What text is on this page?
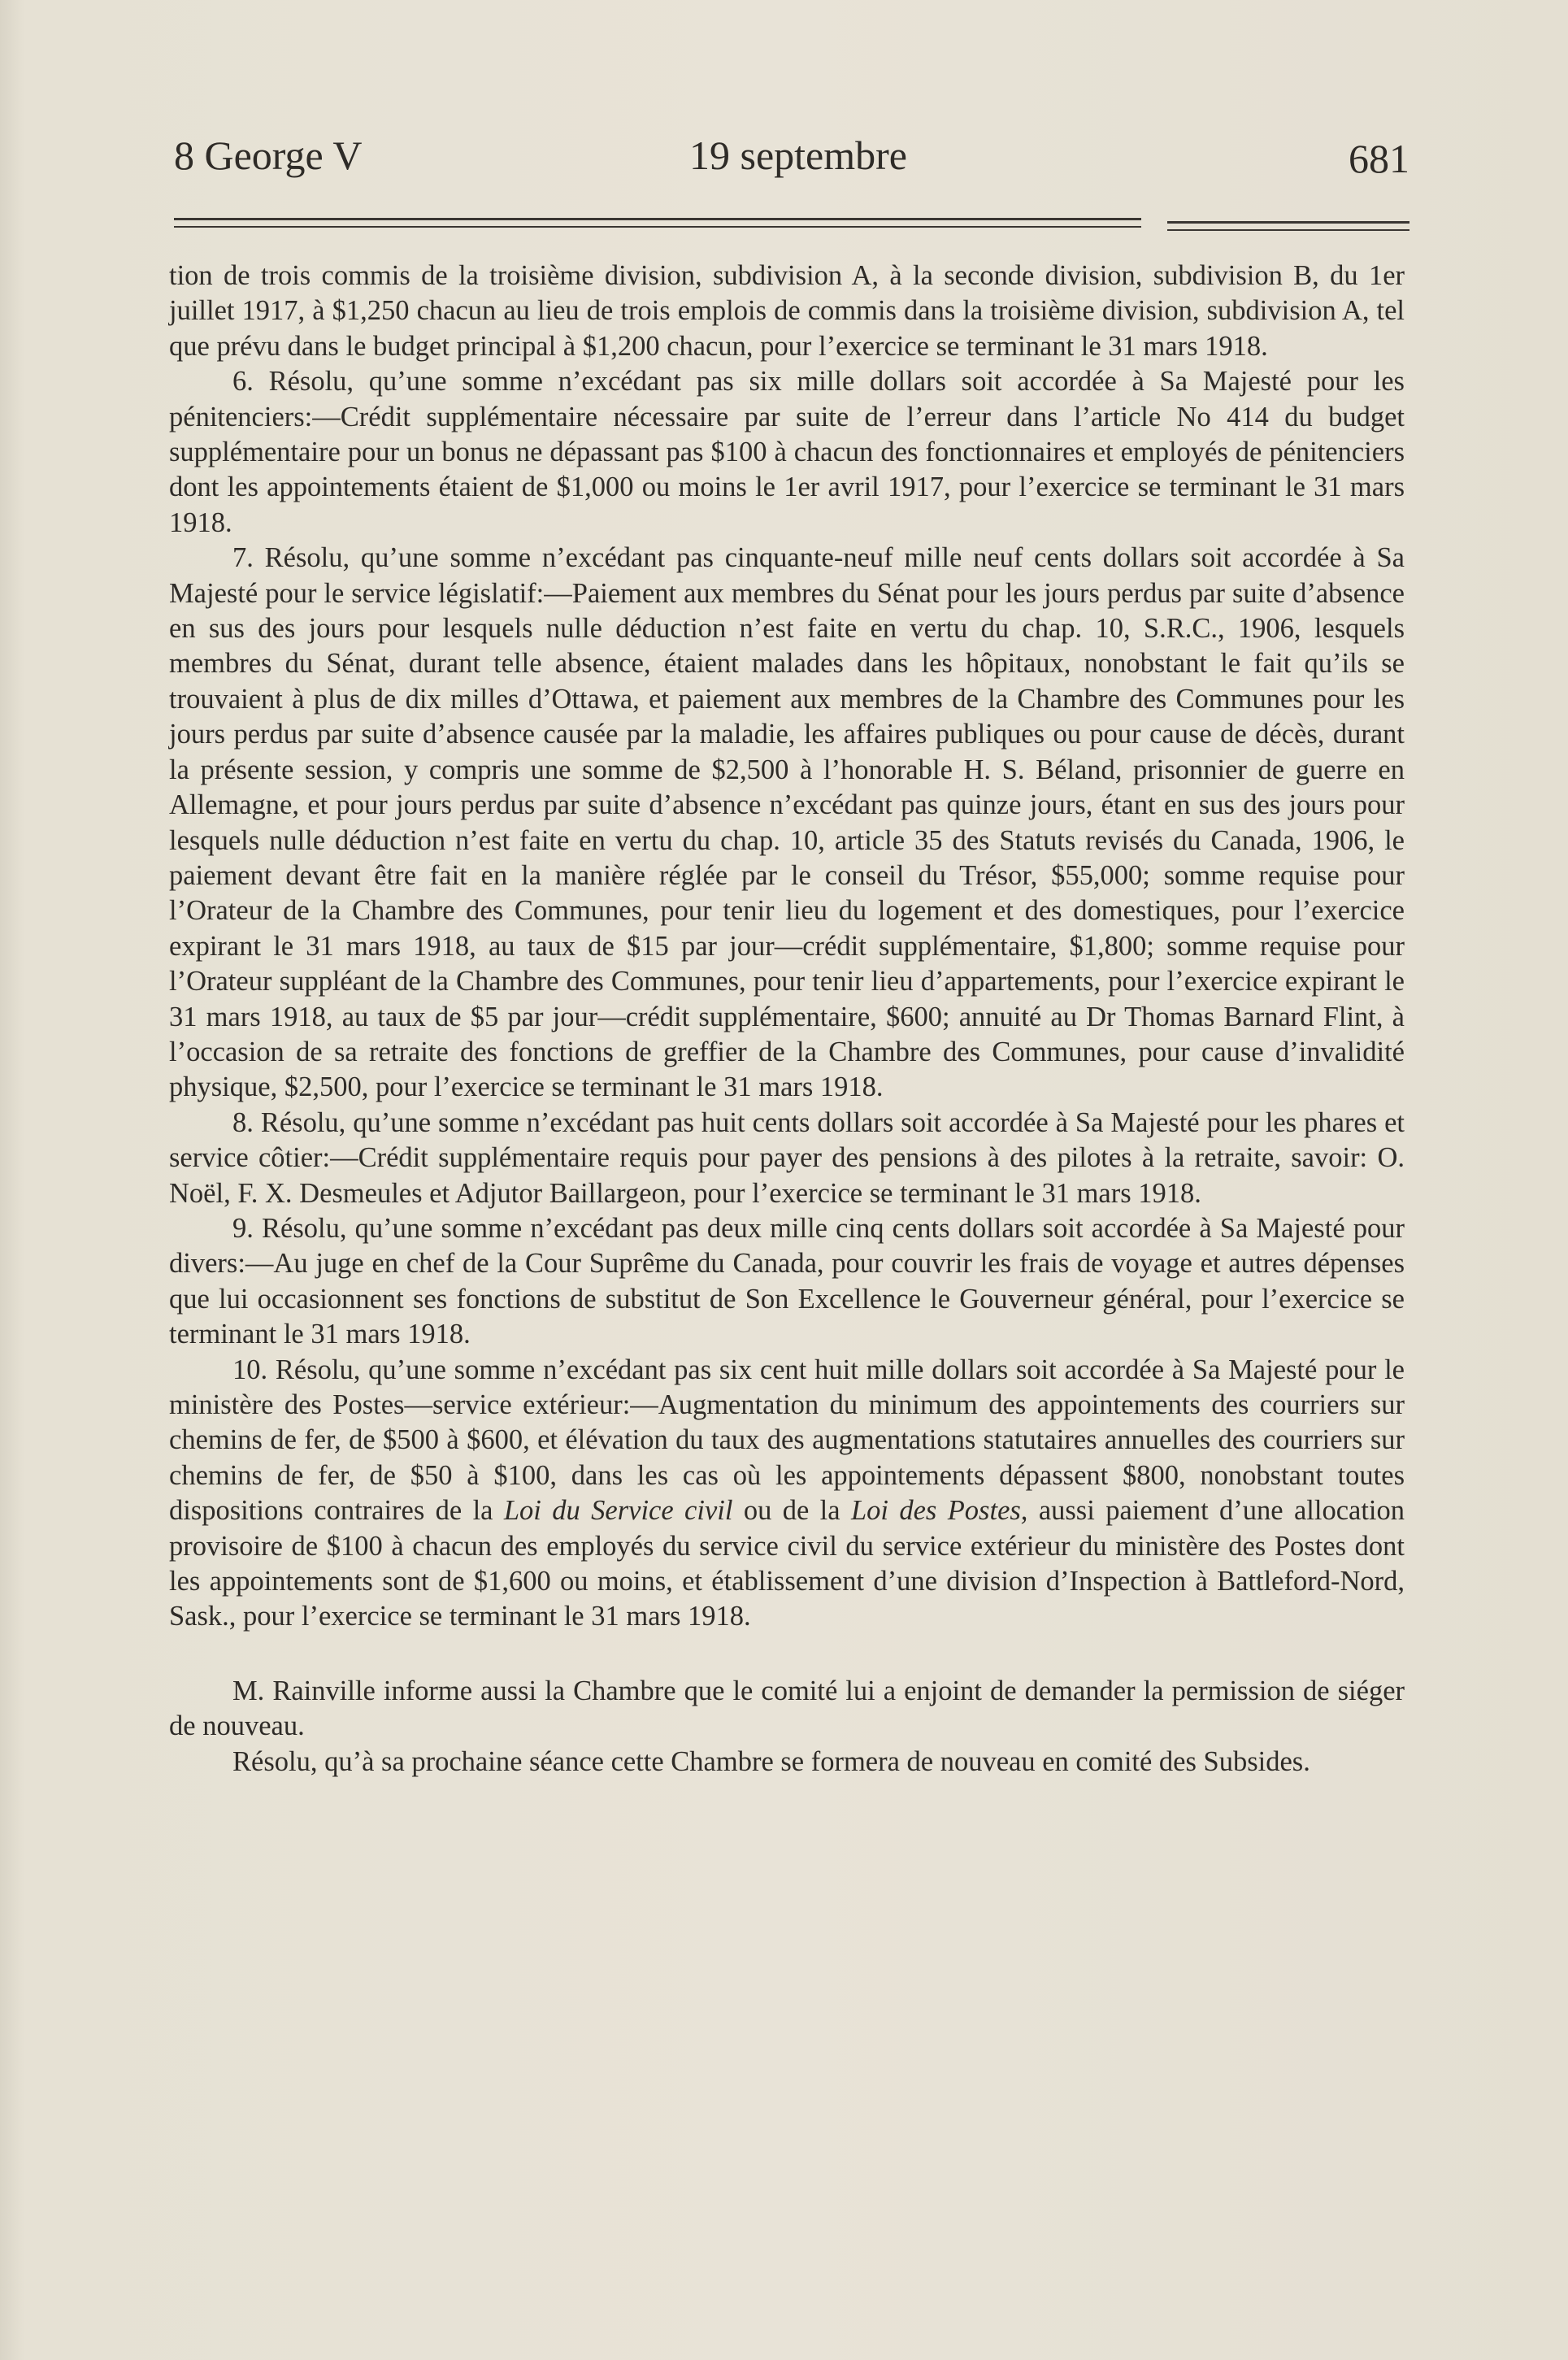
8 George V	19 septembre	681

tion de trois commis de la troisième division, subdivision A, à la seconde division, subdivision B, du 1er juillet 1917, à $1,250 chacun au lieu de trois emplois de commis dans la troisième division, subdivision A, tel que prévu dans le budget principal à $1,200 chacun, pour l’exercice se terminant le 31 mars 1918.

6. Résolu, qu’une somme n’excédant pas six mille dollars soit accordée à Sa Majesté pour les pénitenciers:—Crédit supplémentaire nécessaire par suite de l’erreur dans l’article No 414 du budget supplémentaire pour un bonus ne dépassant pas $100 à chacun des fonctionnaires et employés de pénitenciers dont les appointements étaient de $1,000 ou moins le 1er avril 1917, pour l’exercice se terminant le 31 mars 1918.

7. Résolu, qu’une somme n’excédant pas cinquante-neuf mille neuf cents dollars soit accordée à Sa Majesté pour le service législatif:—Paiement aux membres du Sénat pour les jours perdus par suite d’absence en sus des jours pour lesquels nulle déduction n’est faite en vertu du chap. 10, S.R.C., 1906, lesquels membres du Sénat, durant telle absence, étaient malades dans les hôpitaux, nonobstant le fait qu’ils se trouvaient à plus de dix milles d’Ottawa, et paiement aux membres de la Chambre des Communes pour les jours perdus par suite d’absence causée par la maladie, les affaires publiques ou pour cause de décès, durant la présente session, y compris une somme de $2,500 à l’honorable H. S. Béland, prisonnier de guerre en Allemagne, et pour jours perdus par suite d’absence n’excédant pas quinze jours, étant en sus des jours pour lesquels nulle déduction n’est faite en vertu du chap. 10, article 35 des Statuts revisés du Canada, 1906, le paiement devant être fait en la manière réglée par le conseil du Trésor, $55,000; somme requise pour l’Orateur de la Chambre des Communes, pour tenir lieu du logement et des domestiques, pour l’exercice expirant le 31 mars 1918, au taux de $15 par jour—crédit supplémentaire, $1,800; somme requise pour l’Orateur suppléant de la Chambre des Communes, pour tenir lieu d’appartements, pour l’exercice expirant le 31 mars 1918, au taux de $5 par jour—crédit supplémentaire, $600; annuité au Dr Thomas Barnard Flint, à l’occasion de sa retraite des fonctions de greffier de la Chambre des Communes, pour cause d’invalidité physique, $2,500, pour l’exercice se terminant le 31 mars 1918.

8. Résolu, qu’une somme n’excédant pas huit cents dollars soit accordée à Sa Majesté pour les phares et service côtier:—Crédit supplémentaire requis pour payer des pensions à des pilotes à la retraite, savoir: O. Noël, F. X. Desmeules et Adjutor Baillargeon, pour l’exercice se terminant le 31 mars 1918.

9. Résolu, qu’une somme n’excédant pas deux mille cinq cents dollars soit accordée à Sa Majesté pour divers:—Au juge en chef de la Cour Suprême du Canada, pour couvrir les frais de voyage et autres dépenses que lui occasionnent ses fonctions de substitut de Son Excellence le Gouverneur général, pour l’exercice se terminant le 31 mars 1918.

10. Résolu, qu’une somme n’excédant pas six cent huit mille dollars soit accordée à Sa Majesté pour le ministère des Postes—service extérieur:—Augmentation du minimum des appointements des courriers sur chemins de fer, de $500 à $600, et élévation du taux des augmentations statutaires annuelles des courriers sur chemins de fer, de $50 à $100, dans les cas où les appointements dépassent $800, nonobstant toutes dispositions contraires de la Loi du Service civil ou de la Loi des Postes, aussi paiement d’une allocation provisoire de $100 à chacun des employés du service civil du service extérieur du ministère des Postes dont les appointements sont de $1,600 ou moins, et établissement d’une division d’Inspection à Battleford-Nord, Sask., pour l’exercice se terminant le 31 mars 1918.

M. Rainville informe aussi la Chambre que le comité lui a enjoint de demander la permission de siéger de nouveau.

Résolu, qu’à sa prochaine séance cette Chambre se formera de nouveau en comité des Subsides.
